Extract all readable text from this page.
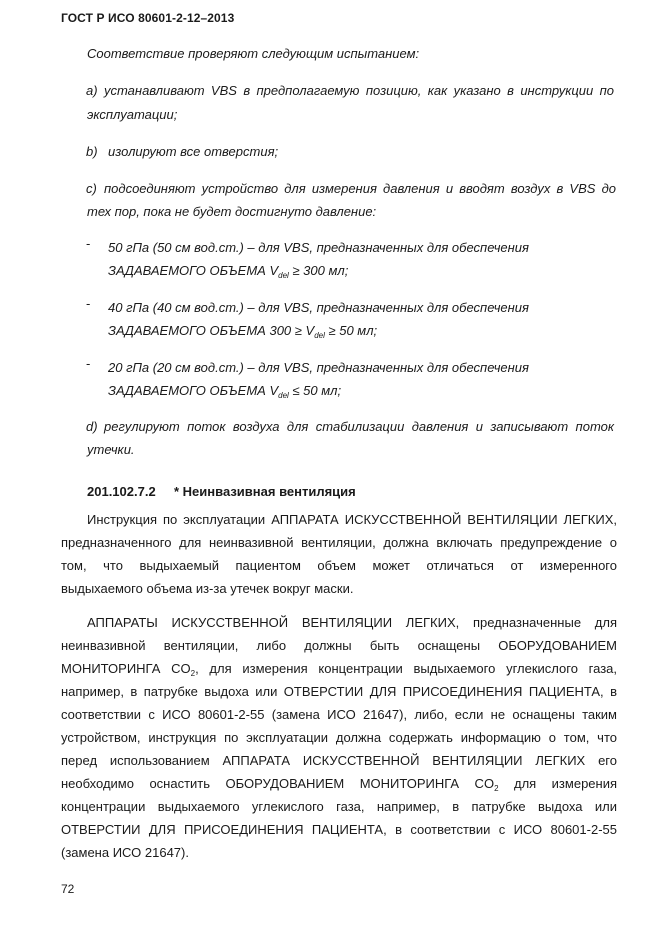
ГОСТ Р ИСО 80601-2-12–2013
Соответствие проверяют следующим испытанием:
a) устанавливают VBS в предполагаемую позицию, как указано в инструкции по
эксплуатации;
b) изолируют все отверстия;
c) подсоединяют устройство для измерения давления и вводят воздух в VBS до
тех пор, пока не будет достигнуто давление:
- 50 гПа (50 см вод.ст.) – для VBS, предназначенных для обеспечения
ЗАДАВАЕМОГО ОБЪЕМА $V_{del} \ge 300$ мл;
- 40 гПа (40 см вод.ст.) – для VBS, предназначенных для обеспечения
ЗАДАВАЕМОГО ОБЪЕМА $300 \ge V_{del} \ge 50$ мл;
- 20 гПа (20 см вод.ст.) – для VBS, предназначенных для обеспечения
ЗАДАВАЕМОГО ОБЪЕМА $V_{del} \le 50$ мл;
d) регулируют поток воздуха для стабилизации давления и записывают поток
утечки.
201.102.7.2 * Неинвазивная вентиляция
Инструкция по эксплуатации АППАРАТА ИСКУССТВЕННОЙ ВЕНТИЛЯЦИИ ЛЕГКИХ,
предназначенного для неинвазивной вентиляции, должна включать предупреждение о
том, что выдыхаемый пациентом объем может отличаться от измеренного
выдыхаемого объема из-за утечек вокруг маски.
АППАРАТЫ ИСКУССТВЕННОЙ ВЕНТИЛЯЦИИ ЛЕГКИХ, предназначенные для
неинвазивной вентиляции, либо должны быть оснащены ОБОРУДОВАНИЕМ
МОНИТОРИНГА $CO_2$, для измерения концентрации выдыхаемого углекислого газа,
например, в патрубке выдоха или ОТВЕРСТИИ ДЛЯ ПРИСОЕДИНЕНИЯ ПАЦИЕНТА, в
соответствии с ИСО 80601-2-55 (замена ИСО 21647), либо, если не оснащены таким
устройством, инструкция по эксплуатации должна содержать информацию о том, что
перед использованием АППАРАТА ИСКУССТВЕННОЙ ВЕНТИЛЯЦИИ ЛЕГКИХ его
необходимо оснастить ОБОРУДОВАНИЕМ МОНИТОРИНГА $CO_2$ для измерения
концентрации выдыхаемого углекислого газа, например, в патрубке выдоха или
ОТВЕРСТИИ ДЛЯ ПРИСОЕДИНЕНИЯ ПАЦИЕНТА, в соответствии с ИСО 80601-2-55
(замена ИСО 21647).
72
